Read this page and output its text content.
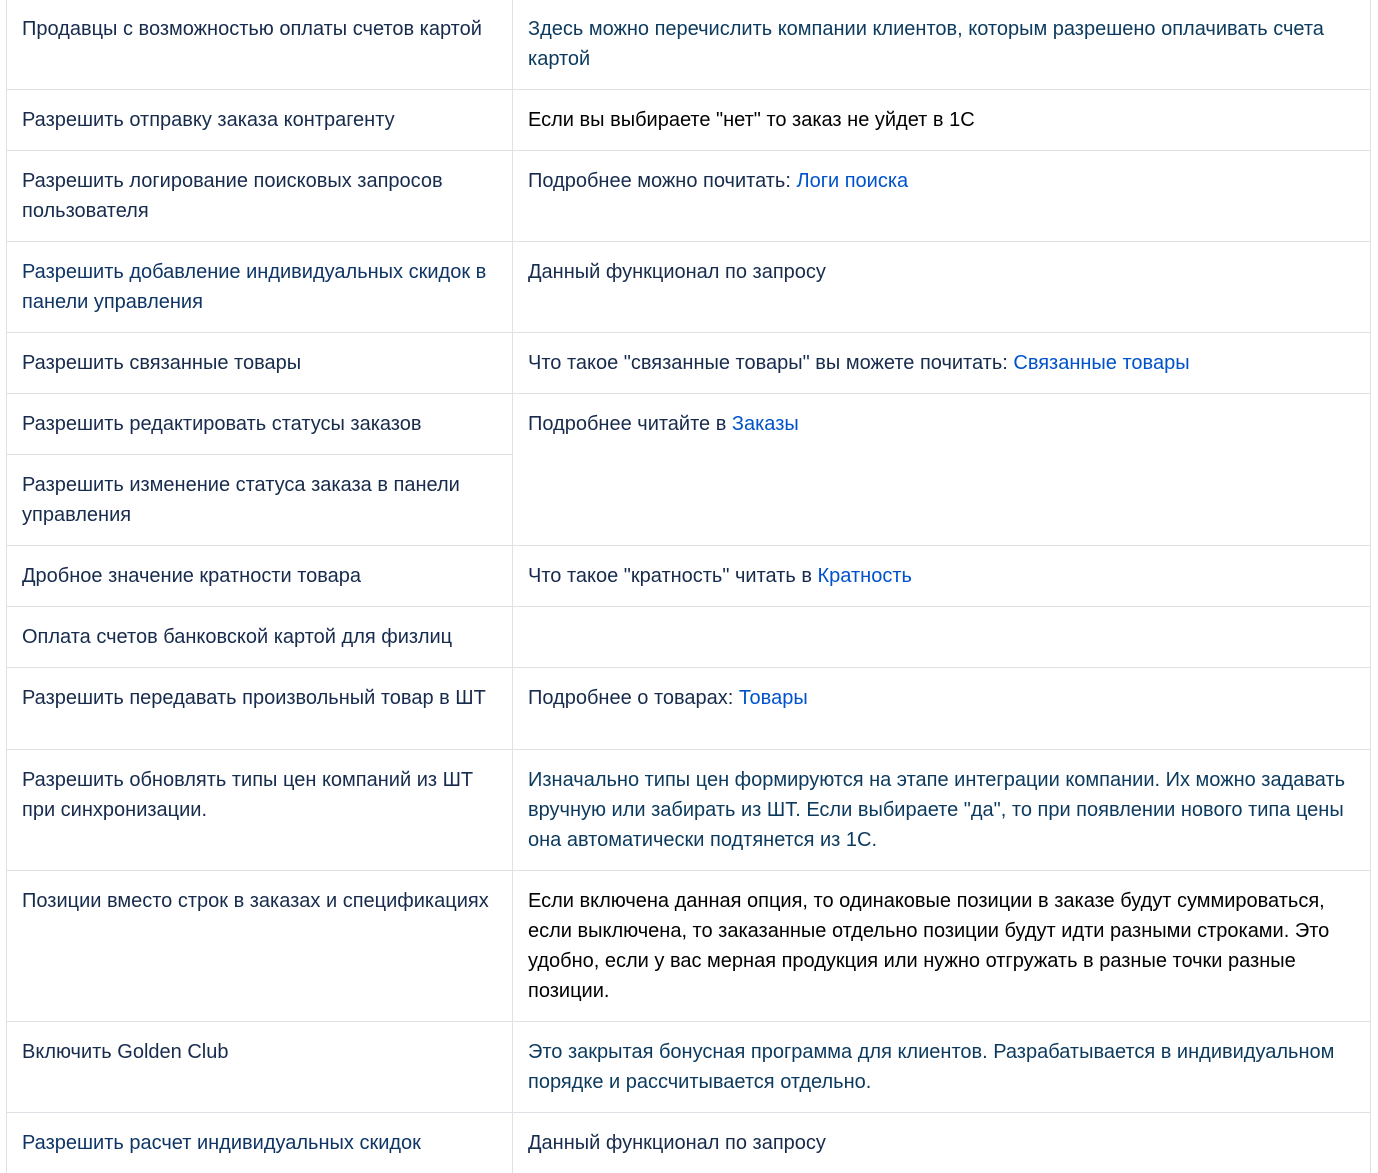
Продавцы с возможностью оплаты счетов картой	Здесь можно перечислить компании клиентов, которым разрешено оплачивать счета картой
Разрешить отправку заказа контрагенту	Если вы выбираете "нет" то заказ не уйдет в 1С
Разрешить логирование поисковых запросов пользователя	Подробнее можно почитать: Логи поиска
Разрешить добавление индивидуальных скидок в панели управления	Данный функционал по запросу
Разрешить связанные товары	Что такое "связанные товары" вы можете почитать: Связанные товары
Разрешить редактировать статусы заказов	Подробнее читайте в Заказы
Разрешить изменение статуса заказа в панели управления	
Дробное значение кратности товара	Что такое "кратность" читать в Кратность
Оплата счетов банковской картой для физлиц	
Разрешить передавать произвольный товар в ШТ	Подробнее о товарах: Товары
Разрешить обновлять типы цен компаний из ШТ при синхронизации.	Изначально типы цен формируются на этапе интеграции компании. Их можно задавать вручную или забирать из ШТ. Если выбираете "да", то при появлении нового типа цены она автоматически подтянется из 1С.
Позиции вместо строк в заказах и спецификациях	Если включена данная опция, то одинаковые позиции в заказе будут суммироваться, если выключена, то заказанные отдельно позиции будут идти разными строками. Это удобно, если у вас мерная продукция или нужно отгружать в разные точки разные позиции.
Включить Golden Club	Это закрытая бонусная программа для клиентов. Разрабатывается в индивидуальном порядке и рассчитывается отдельно.
Разрешить расчет индивидуальных скидок	Данный функционал по запросу
